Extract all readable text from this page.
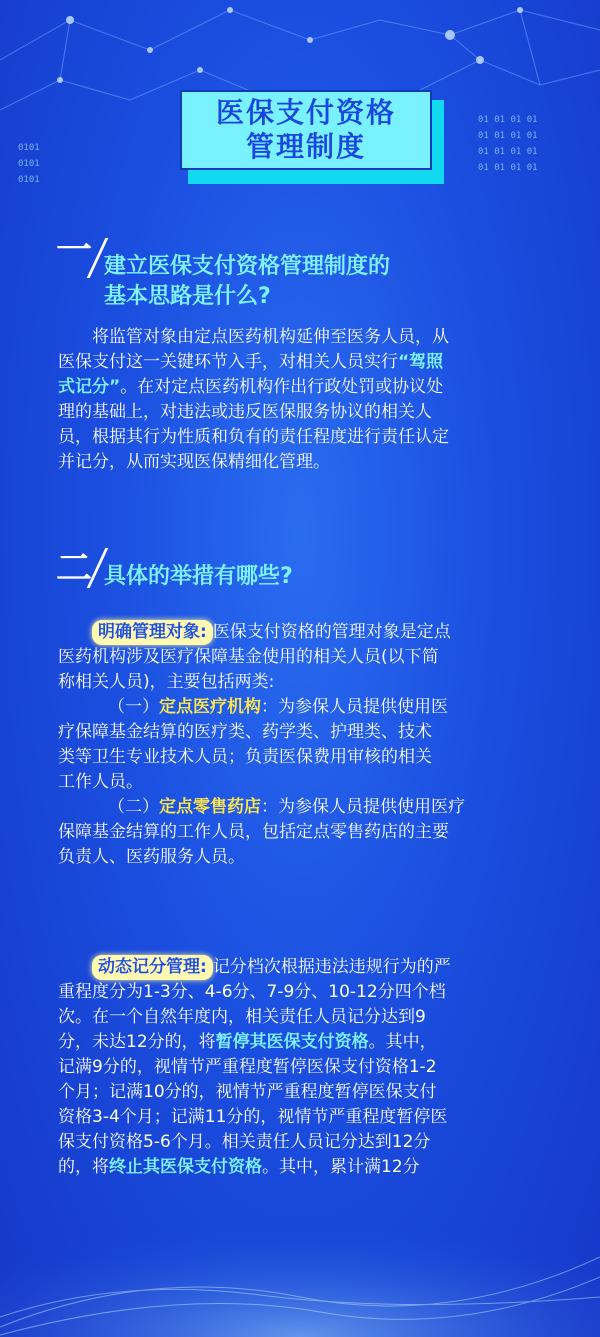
0101
0101
0101
01 01 01 01
01 01 01 01
01 01 01 01
01 01 01 01
医保支付资格
管理制度
一 建立医保支付资格管理制度的
基本思路是什么?
将监管对象由定点医药机构延伸至医务人员，从
医保支付这一关键环节入手，对相关人员实行“驾照
式记分”。在对定点医药机构作出行政处罚或协议处
理的基础上，对违法或违反医保服务协议的相关人
员，根据其行为性质和负有的责任程度进行责任认定
并记分，从而实现医保精细化管理。
二 具体的举措有哪些?
明确管理对象: 医保支付资格的管理对象是定点
医药机构涉及医疗保障基金使用的相关人员(以下简
称相关人员)，主要包括两类:
（一）定点医疗机构：为参保人员提供使用医
疗保障基金结算的医疗类、药学类、护理类、技术
类等卫生专业技术人员；负责医保费用审核的相关
工作人员。
（二）定点零售药店：为参保人员提供使用医疗
保障基金结算的工作人员，包括定点零售药店的主要
负责人、医药服务人员。
动态记分管理: 记分档次根据违法违规行为的严
重程度分为1-3分、4-6分、7-9分、10-12分四个档
次。在一个自然年度内，相关责任人员记分达到9
分，未达12分的，将暂停其医保支付资格。其中，
记满9分的，视情节严重程度暂停医保支付资格1-2
个月；记满10分的，视情节严重程度暂停医保支付
资格3-4个月；记满11分的，视情节严重程度暂停医
保支付资格5-6个月。相关责任人员记分达到12分
的，将终止其医保支付资格。其中，累计满12分
